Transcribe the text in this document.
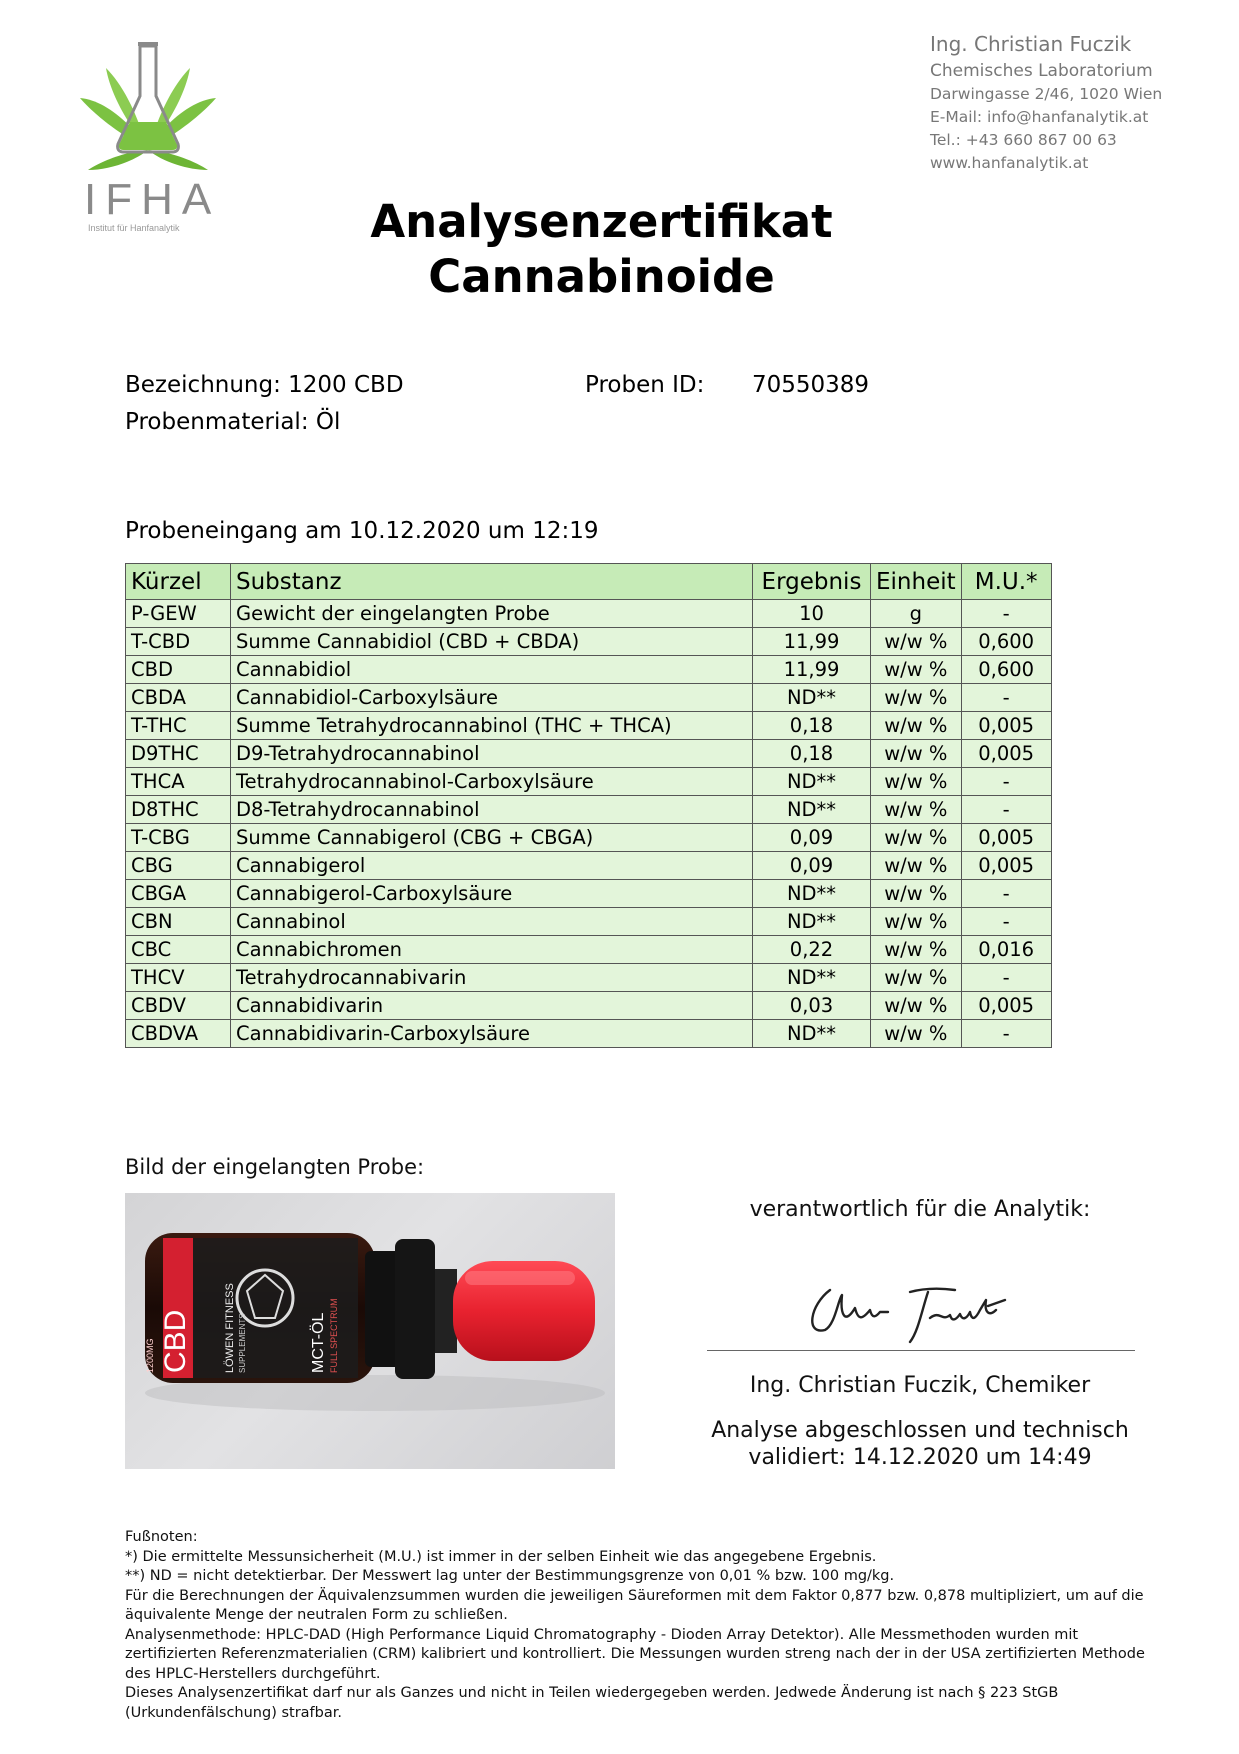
IFHA
Institut für Hanfanalytik
Ing. Christian Fuczik
Chemisches Laboratorium
Darwingasse 2/46, 1020 Wien
E-Mail: info@hanfanalytik.at
Tel.: +43 660 867 00 63
www.hanfanalytik.at
Analysenzertifikat
Cannabinoide
Bezeichnung: 1200 CBD
Probenmaterial: Öl
Proben ID: 70550389
Probeneingang am 10.12.2020 um 12:19
Kürzel	Substanz	Ergebnis	Einheit	M.U.*
P-GEW	Gewicht der eingelangten Probe	10	g	-
T-CBD	Summe Cannabidiol (CBD + CBDA)	11,99	w/w %	0,600
CBD	Cannabidiol	11,99	w/w %	0,600
CBDA	Cannabidiol-Carboxylsäure	ND**	w/w %	-
T-THC	Summe Tetrahydrocannabinol (THC + THCA)	0,18	w/w %	0,005
D9THC	D9-Tetrahydrocannabinol	0,18	w/w %	0,005
THCA	Tetrahydrocannabinol-Carboxylsäure	ND**	w/w %	-
D8THC	D8-Tetrahydrocannabinol	ND**	w/w %	-
T-CBG	Summe Cannabigerol (CBG + CBGA)	0,09	w/w %	0,005
CBG	Cannabigerol	0,09	w/w %	0,005
CBGA	Cannabigerol-Carboxylsäure	ND**	w/w %	-
CBN	Cannabinol	ND**	w/w %	-
CBC	Cannabichromen	0,22	w/w %	0,016
THCV	Tetrahydrocannabivarin	ND**	w/w %	-
CBDV	Cannabidivarin	0,03	w/w %	0,005
CBDVA	Cannabidivarin-Carboxylsäure	ND**	w/w %	-
Bild der eingelangten Probe:
CBD
1200MG	LÖWEN FITNESS SUPPLEMENTS	MCT-ÖL FULL SPECTRUM
verantwortlich für die Analytik:
Ing. Christian Fuczik, Chemiker
Analyse abgeschlossen und technisch
validiert: 14.12.2020 um 14:49

Fußnoten:

*) Die ermittelte Messunsicherheit (M.U.) ist immer in der selben Einheit wie das angegebene Ergebnis.

**) ND = nicht detektierbar. Der Messwert lag unter der Bestimmungsgrenze von 0,01 % bzw. 100 mg/kg.

Für die Berechnungen der Äquivalenzsummen wurden die jeweiligen Säureformen mit dem Faktor 0,877 bzw. 0,878 multipliziert, um auf die äquivalente Menge der neutralen Form zu schließen.

Analysenmethode: HPLC-DAD (High Performance Liquid Chromatography - Dioden Array Detektor). Alle Messmethoden wurden mit zertifizierten Referenzmaterialien (CRM) kalibriert und kontrolliert. Die Messungen wurden streng nach der in der USA zertifizierten Methode des HPLC-Herstellers durchgeführt.

Dieses Analysenzertifikat darf nur als Ganzes und nicht in Teilen wiedergegeben werden. Jedwede Änderung ist nach § 223 StGB (Urkundenfälschung) strafbar.
